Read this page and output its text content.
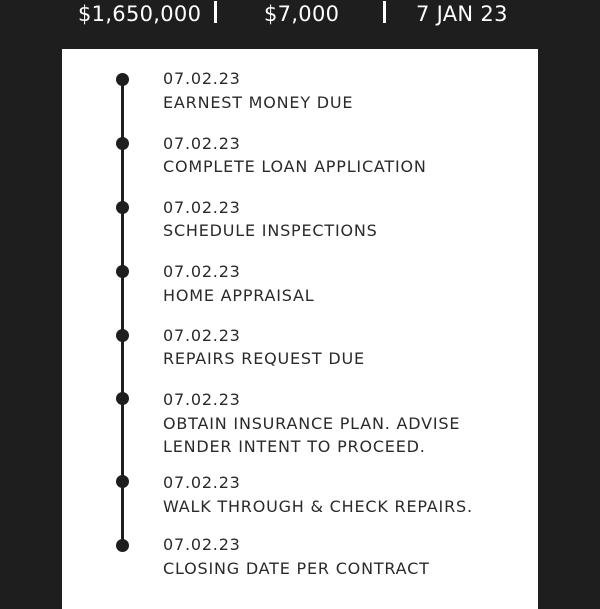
$1,650,000	$7,000	7 JAN 23
07.02.23
EARNEST MONEY DUE
07.02.23
COMPLETE LOAN APPLICATION
07.02.23
SCHEDULE INSPECTIONS
07.02.23
HOME APPRAISAL
07.02.23
REPAIRS REQUEST DUE
07.02.23
OBTAIN INSURANCE PLAN. ADVISE
LENDER INTENT TO PROCEED.
07.02.23
WALK THROUGH & CHECK REPAIRS.
07.02.23
CLOSING DATE PER CONTRACT
